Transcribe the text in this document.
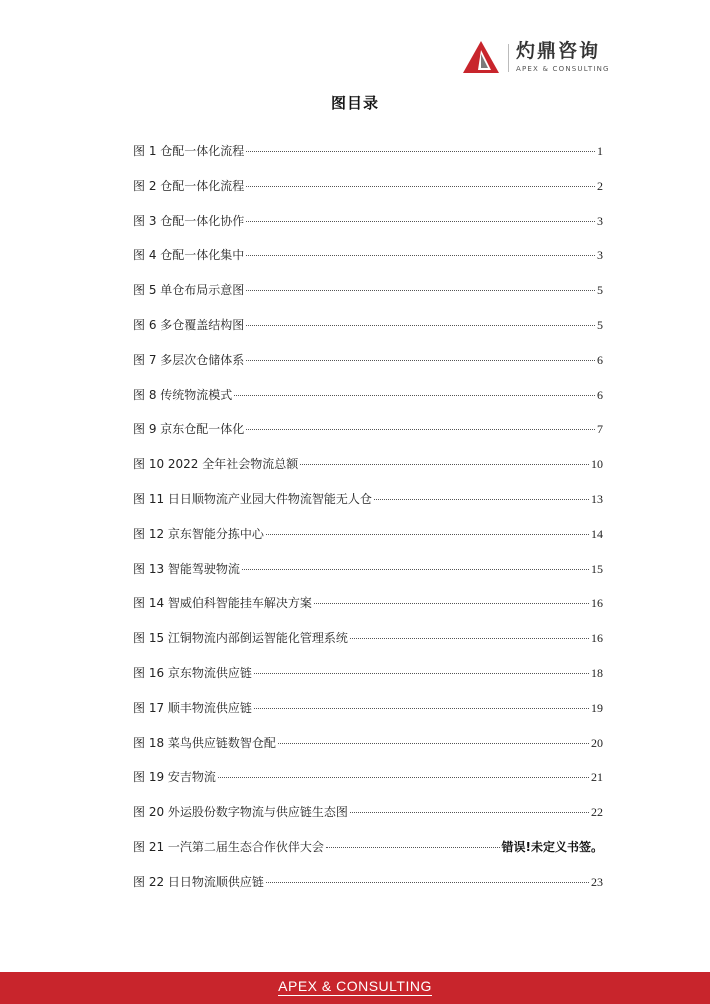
灼鼎咨询
APEX & CONSULTING
图目录
图 1 仓配一体化流程	1
图 2 仓配一体化流程	2
图 3 仓配一体化协作	3
图 4 仓配一体化集中	3
图 5 单仓布局示意图	5
图 6 多仓覆盖结构图	5
图 7 多层次仓储体系	6
图 8 传统物流模式	6
图 9 京东仓配一体化	7
图 10 2022 全年社会物流总额	10
图 11 日日顺物流产业园大件物流智能无人仓	13
图 12 京东智能分拣中心	14
图 13 智能驾驶物流	15
图 14 智威伯科智能挂车解决方案	16
图 15 江铜物流内部倒运智能化管理系统	16
图 16 京东物流供应链	18
图 17 顺丰物流供应链	19
图 18 菜鸟供应链数智仓配	20
图 19 安吉物流	21
图 20 外运股份数字物流与供应链生态图	22
图 21 一汽第二届生态合作伙伴大会	错误!未定义书签。
图 22 日日物流顺供应链	23
APEX & CONSULTING
